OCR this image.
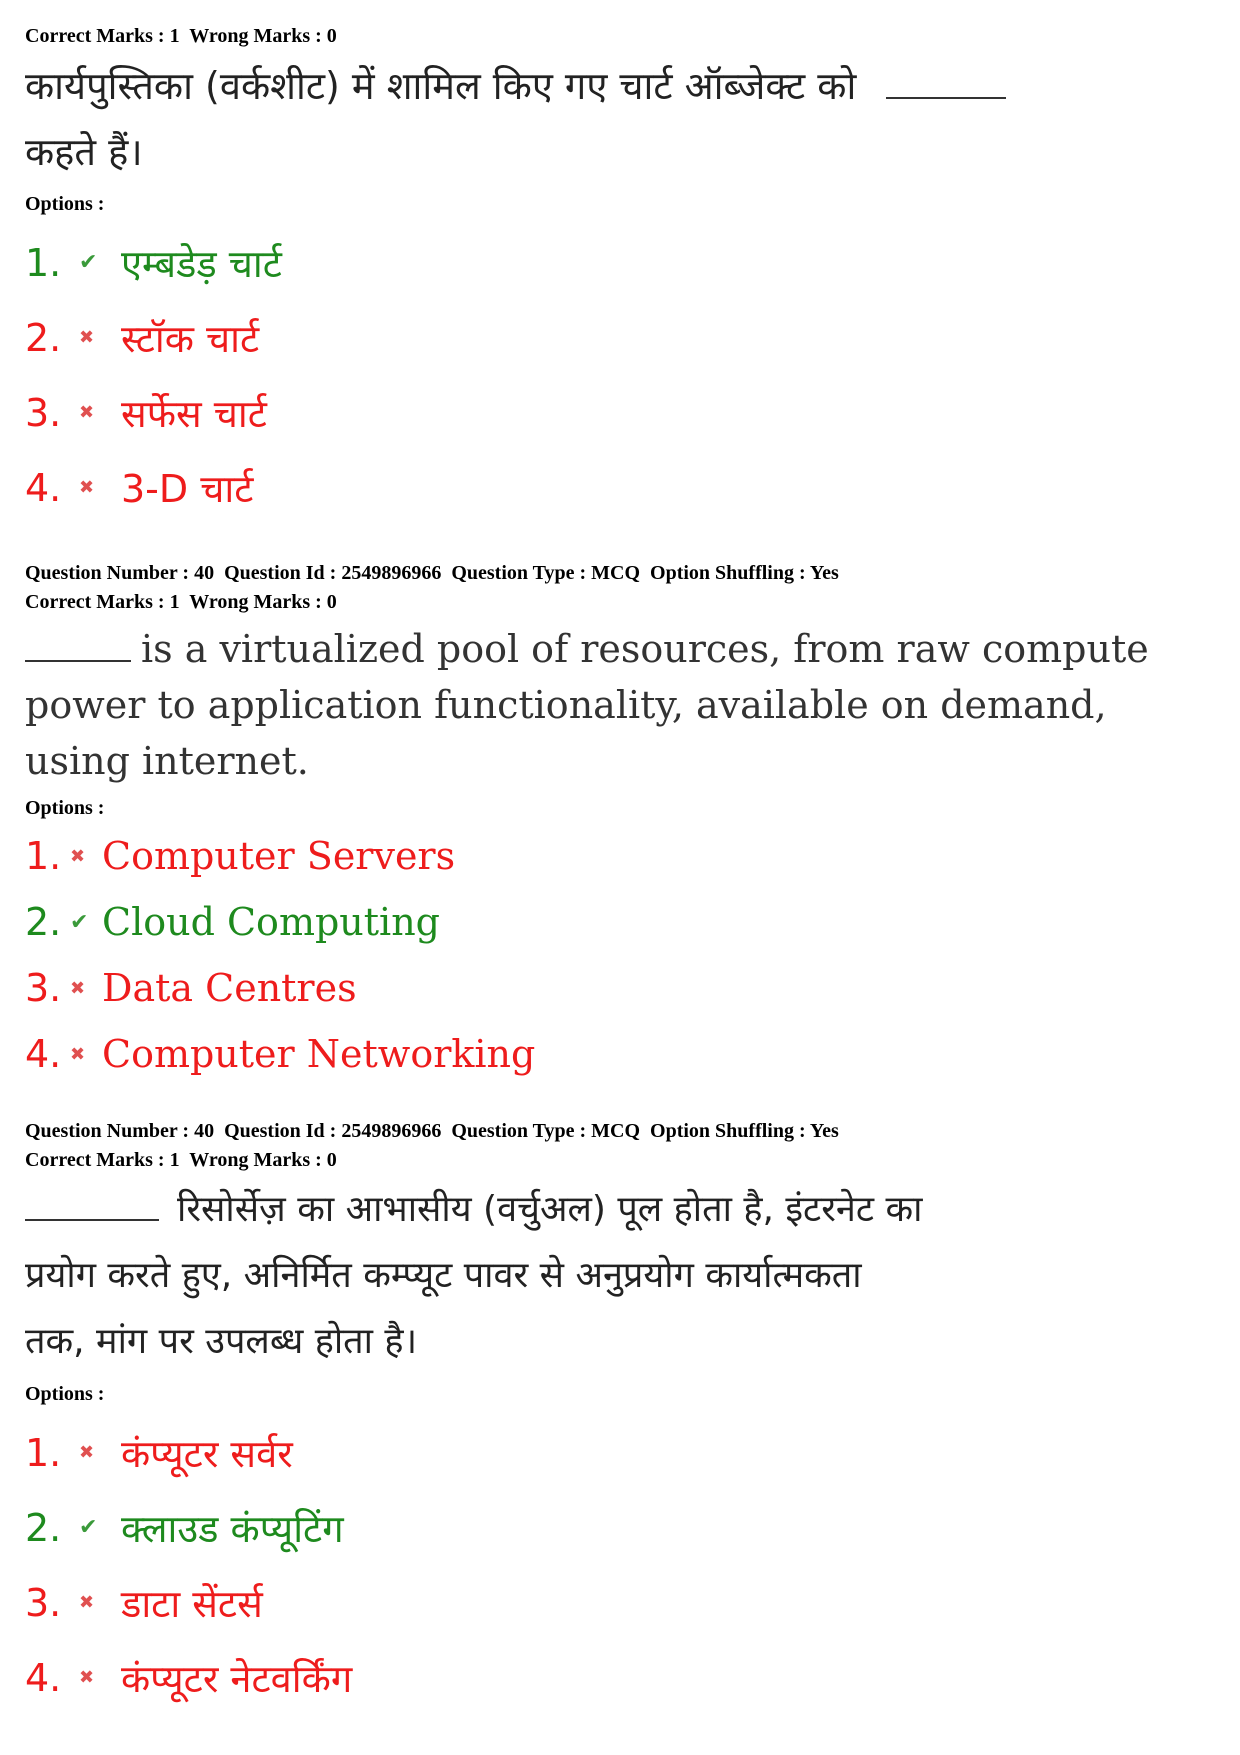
Correct Marks : 1  Wrong Marks : 0
कार्यपुस्तिका (वर्कशीट) में शामिल किए गए चार्ट ऑब्जेक्ट को
कहते हैं।
Options :
1. ✔ एम्बडेड़ चार्ट
2. ✖ स्टॉक चार्ट
3. ✖ सर्फेस चार्ट
4. ✖ 3-D चार्ट
Question Number : 40  Question Id : 2549896966  Question Type : MCQ  Option Shuffling : Yes
Correct Marks : 1  Wrong Marks : 0
is a virtualized pool of resources, from raw compute
power to application functionality, available on demand,
using internet.
Options :
1. ✖ Computer Servers
2. ✔ Cloud Computing
3. ✖ Data Centres
4. ✖ Computer Networking
Question Number : 40  Question Id : 2549896966  Question Type : MCQ  Option Shuffling : Yes
Correct Marks : 1  Wrong Marks : 0
रिसोर्सेज़ का आभासीय (वर्चुअल) पूल होता है, इंटरनेट का
प्रयोग करते हुए, अनिर्मित कम्प्यूट पावर से अनुप्रयोग कार्यात्मकता
तक, मांग पर उपलब्ध होता है।
Options :
1. ✖ कंप्यूटर सर्वर
2. ✔ क्लाउड कंप्यूटिंग
3. ✖ डाटा सेंटर्स
4. ✖ कंप्यूटर नेटवर्किंग
